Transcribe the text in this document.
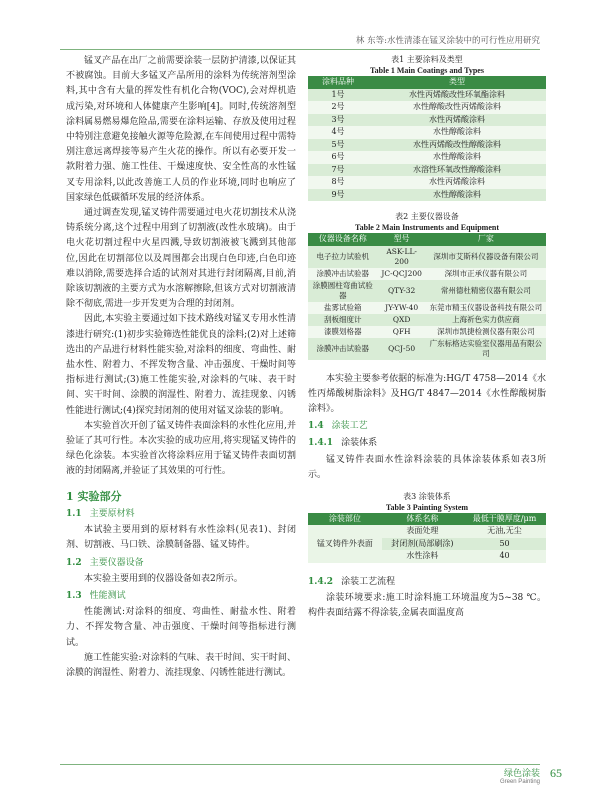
林 东等:水性清漆在锰叉涂装中的可行性应用研究

锰叉产品在出厂之前需要涂装一层防护清漆,以保证其不被腐蚀。目前大多锰叉产品所用的涂料为传统溶剂型涂料,其中含有大量的挥发性有机化合物(VOC),会对焊机造成污染,对环境和人体健康产生影响[4]。同时,传统溶剂型涂料属易燃易爆危险品,需要在涂料运输、存放及使用过程中特别注意避免接触火源等危险源,在车间使用过程中需特别注意远离焊接等易产生火花的操作。所以有必要开发一款附着力强、施工性佳、干燥速度快、安全性高的水性锰叉专用涂料,以此改善施工人员的作业环境,同时也响应了国家绿色低碳循环发展的经济体系。

通过调查发现,锰叉铸件需要通过电火花切割技术从浇铸系统分离,这个过程中用到了切割液(改性水玻璃)。由于电火花切割过程中火星四溅,导致切割液被飞溅到其他部位,因此在切割部位以及周围都会出现白色印迹,白色印迹难以消除,需要选择合适的试剂对其进行封闭隔离,目前,消除该切割液的主要方式为水溶解擦除,但该方式对切割液清除不彻底,需进一步开发更为合理的封闭剂。

因此,本实验主要通过如下技术路线对锰叉专用水性清漆进行研究:(1)初步实验筛选性能优良的涂料;(2)对上述筛选出的产品进行材料性能实验,对涂料的细度、弯曲性、耐盐水性、附着力、不挥发物含量、冲击强度、干燥时间等指标进行测试;(3)施工性能实验,对涂料的气味、表干时间、实干时间、涂膜的润湿性、附着力、流挂现象、闪锈性能进行测试;(4)探究封闭剂的使用对锰叉涂装的影响。

本实验首次开创了锰叉铸件表面涂料的水性化应用,并验证了其可行性。本次实验的成功应用,将实现锰叉铸件的绿色化涂装。本实验首次将涂料应用于锰叉铸件表面切割液的封闭隔离,并验证了其效果的可行性。

1 实验部分
1.1 主要原材料

本试验主要用到的原材料有水性涂料(见表1)、封闭剂、切割液、马口铁、涂膜制备器、锰叉铸件。

1.2 主要仪器设备

本实验主要用到的仪器设备如表2所示。

1.3 性能测试

性能测试:对涂料的细度、弯曲性、耐盐水性、附着力、不挥发物含量、冲击强度、干燥时间等指标进行测试。

施工性能实验:对涂料的气味、表干时间、实干时间、涂膜的润湿性、附着力、流挂现象、闪锈性能进行测试。

表1 主要涂料及类型
Table 1 Main Coatings and Types
涂料品种	类型
1号	水性丙烯酸改性环氧酯涂料
2号	水性醇酸改性丙烯酸涂料
3号	水性丙烯酸涂料
4号	水性醇酸涂料
5号	水性丙烯酸改性醇酸涂料
6号	水性醇酸涂料
7号	水溶性环氧改性醇酸涂料
8号	水性丙烯酸涂料
9号	水性醇酸涂料
表2 主要仪器设备
Table 2 Main Instruments and Equipment
仪器设备名称	型号	厂家
电子拉力试验机	ASK-LL-200	深圳市艾斯科仪器设备有限公司
涂膜冲击试验器	JC-QCJ200	深圳市正承仪器有限公司
涂膜圆柱弯曲试验器	QTY-32	常州德杜精密仪器有限公司
盐雾试验箱	JY-YW-40	东莞市精玉仪器设备科技有限公司
刮板细度计	QXD	上海祈色实力供应商
漆膜划格器	QFH	深圳市凯捷检测仪器有限公司
涂膜冲击试验器	QCJ-50	广东标格达实验室仪器用品有限公司

本实验主要参考依据的标准为:HG/T 4758—2014《水性丙烯酸树脂涂料》及HG/T 4847—2014《水性醇酸树脂涂料》。

1.4 涂装工艺
1.4.1 涂装体系

锰叉铸件表面水性涂料涂装的具体涂装体系如表3所示。

表3 涂装体系
Table 3 Painting System
涂装部位	体系名称	最低干膜厚度/μm
锰叉铸件外表面	表面处理	无油,无尘
	封闭剂(局部刷涂)	50
	水性涂料	40
1.4.2 涂装工艺流程

涂装环境要求:施工时涂料施工环境温度为5~38 ℃。构件表面结露不得涂装,金属表面温度高

绿色涂装
Green Painting
65
